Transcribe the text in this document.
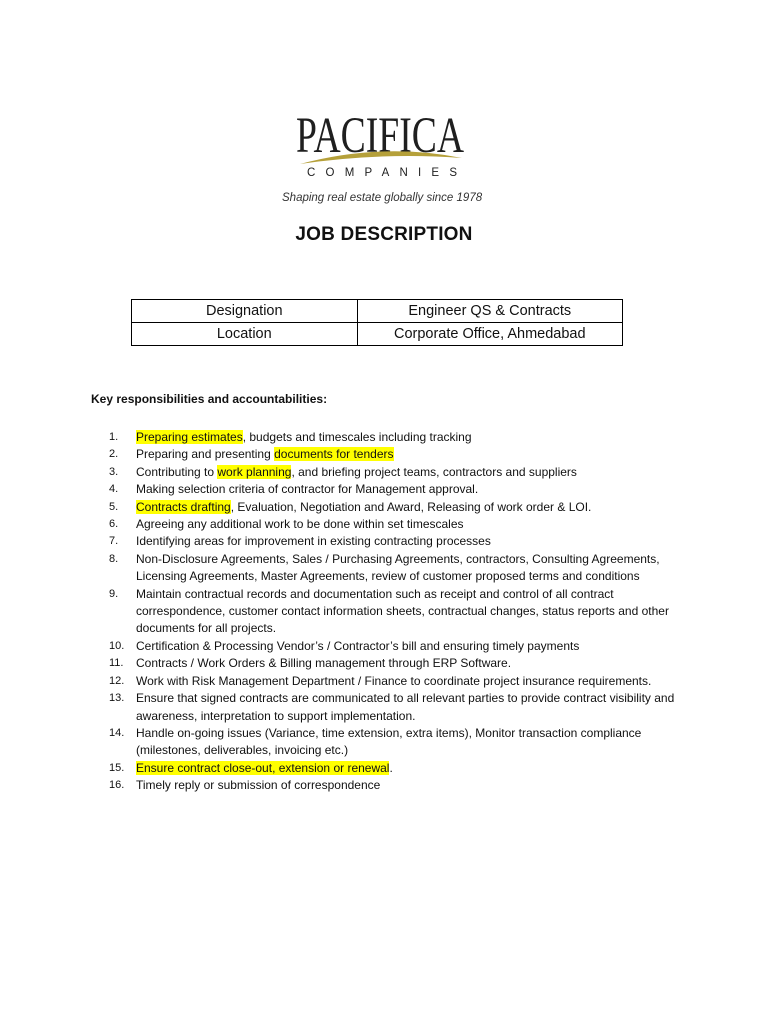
PACIFICA
COMPANIES
Shaping real estate globally since 1978
JOB DESCRIPTION
Designation	Engineer QS & Contracts
Location	Corporate Office, Ahmedabad
Key responsibilities and accountabilities:
1. Preparing estimates, budgets and timescales including tracking
2. Preparing and presenting documents for tenders
3. Contributing to work planning, and briefing project teams, contractors and suppliers
4. Making selection criteria of contractor for Management approval.
5. Contracts drafting, Evaluation, Negotiation and Award, Releasing of work order & LOI.
6. Agreeing any additional work to be done within set timescales
7. Identifying areas for improvement in existing contracting processes
8. Non-Disclosure Agreements, Sales / Purchasing Agreements, contractors, Consulting Agreements, Licensing Agreements, Master Agreements, review of customer proposed terms and conditions
9. Maintain contractual records and documentation such as receipt and control of all contract correspondence, customer contact information sheets, contractual changes, status reports and other documents for all projects.
10. Certification & Processing Vendor’s / Contractor’s bill and ensuring timely payments
11. Contracts / Work Orders & Billing management through ERP Software.
12. Work with Risk Management Department / Finance to coordinate project insurance requirements.
13. Ensure that signed contracts are communicated to all relevant parties to provide contract visibility and awareness, interpretation to support implementation.
14. Handle on-going issues (Variance, time extension, extra items), Monitor transaction compliance (milestones, deliverables, invoicing etc.)
15. Ensure contract close-out, extension or renewal.
16. Timely reply or submission of correspondence
